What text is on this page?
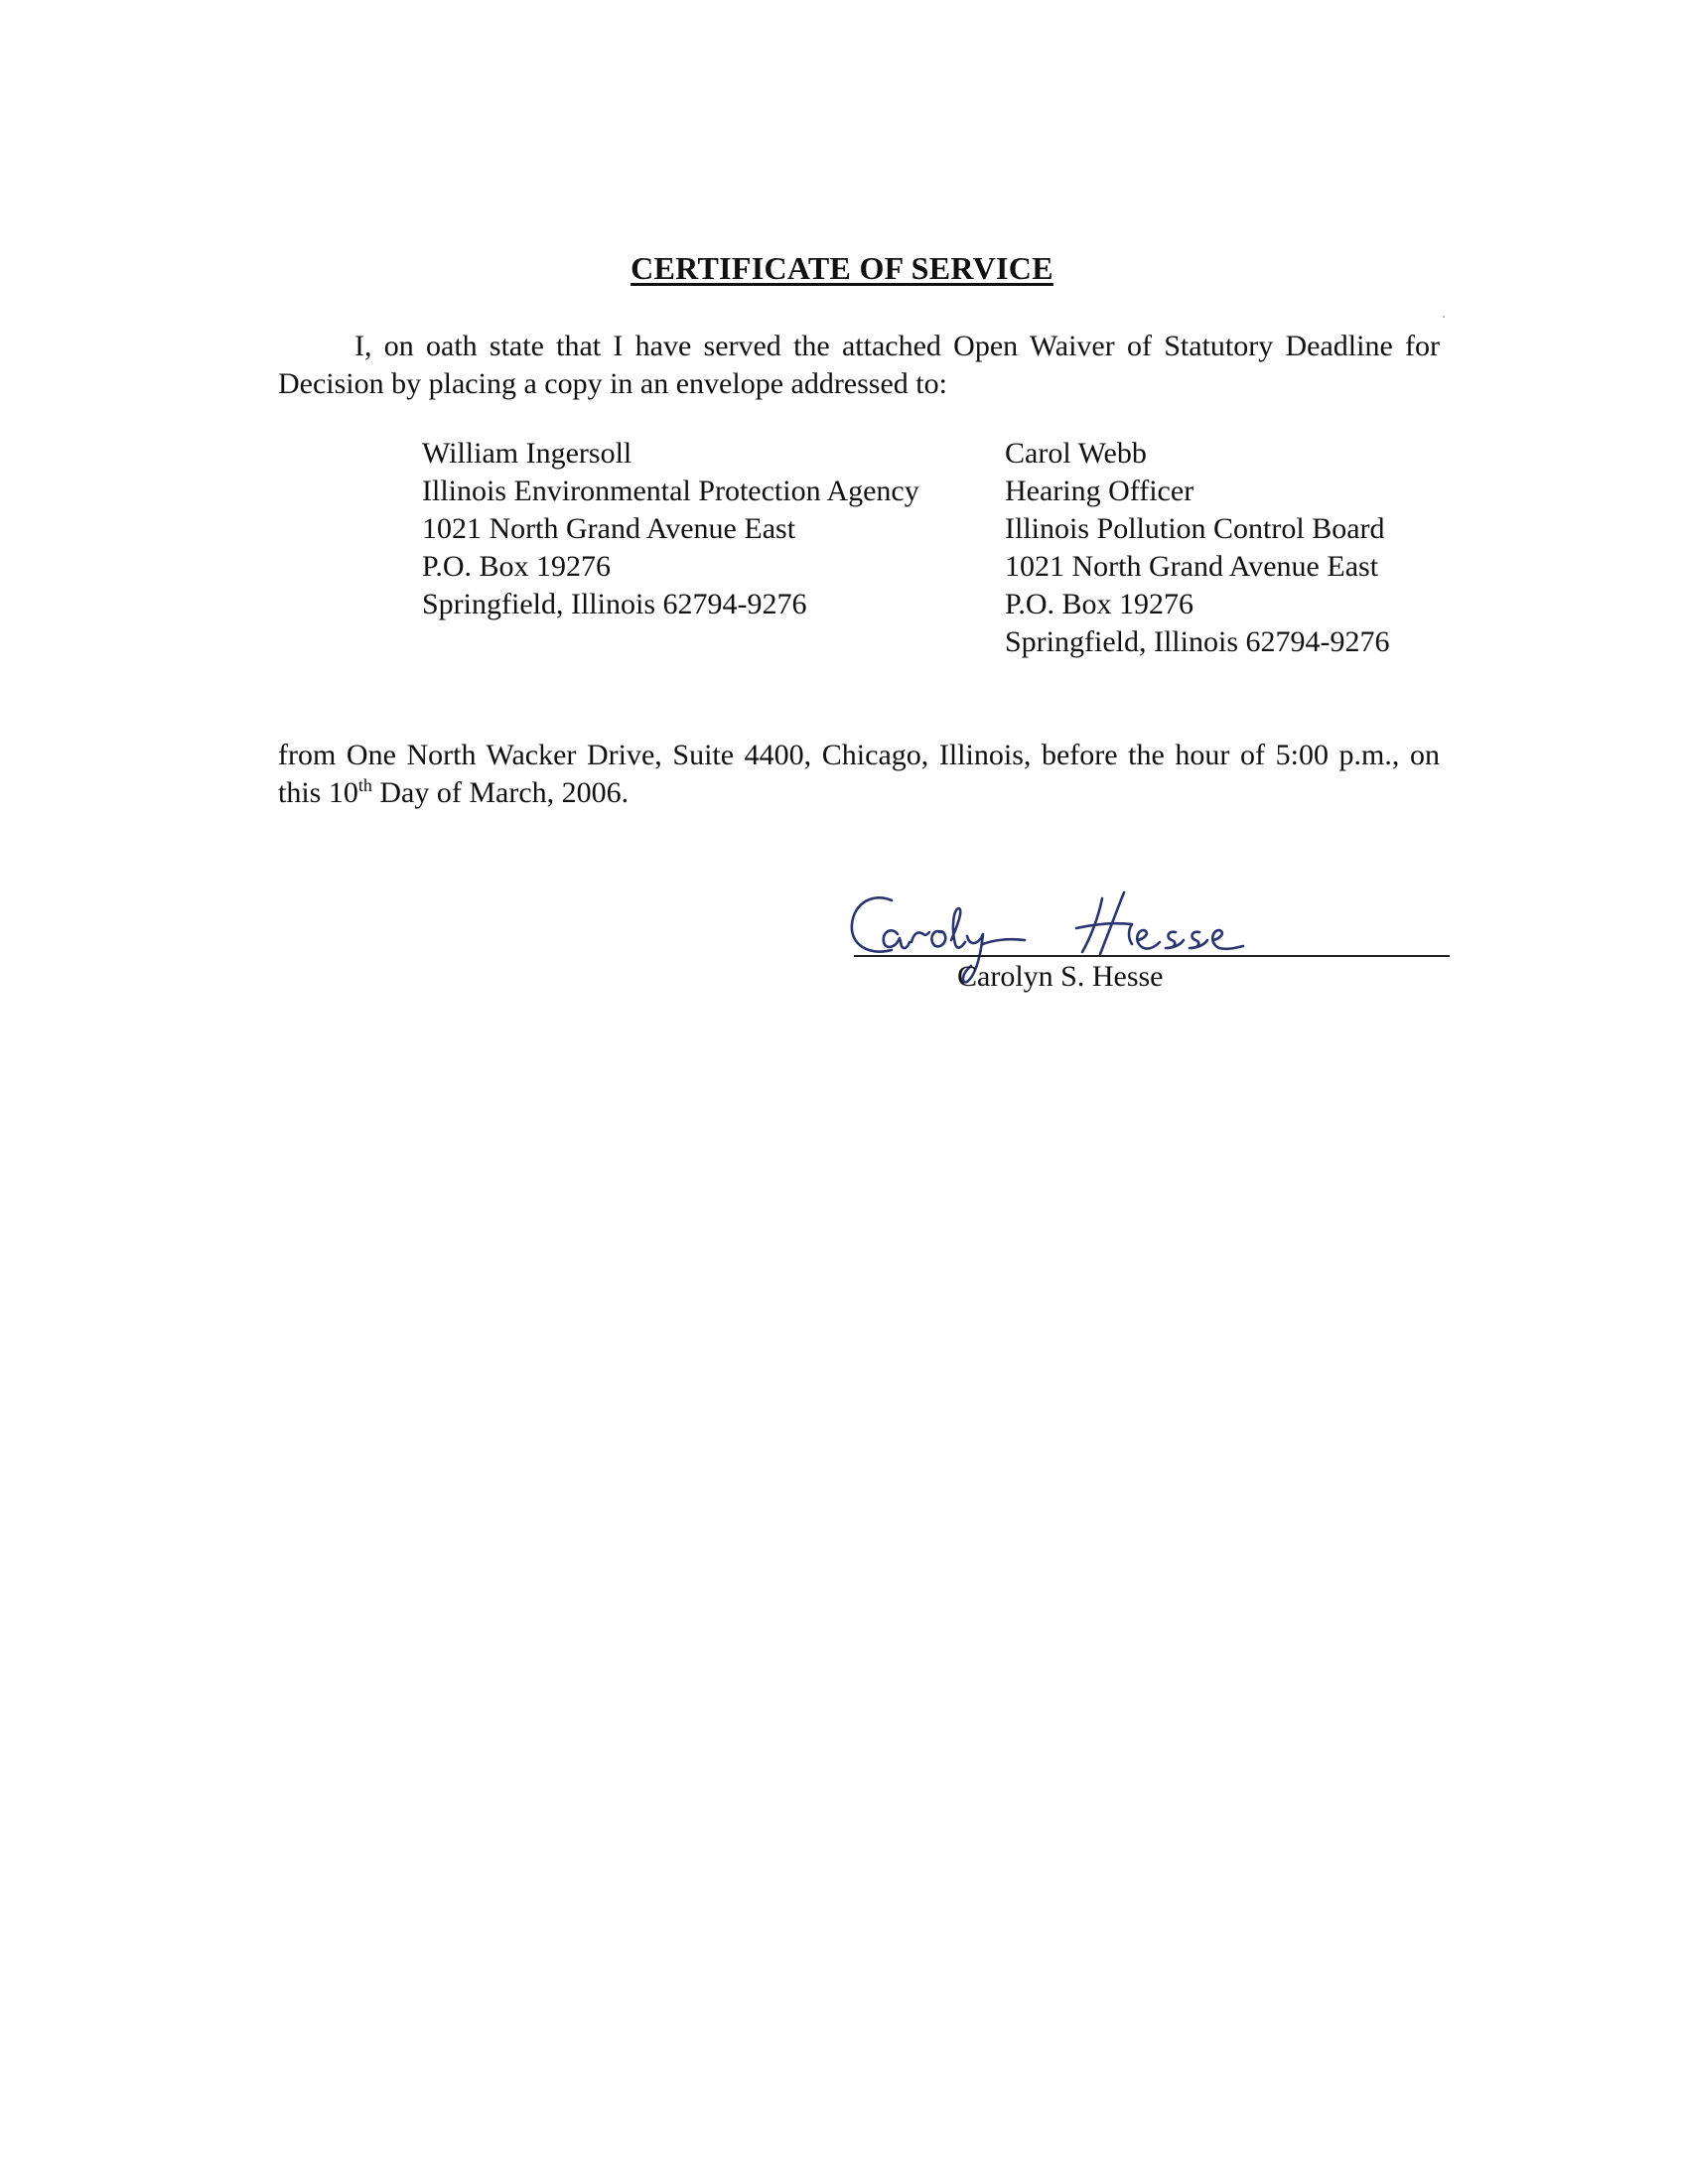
CERTIFICATE OF SERVICE
I, on oath state that I have served the attached Open Waiver of Statutory Deadline for Decision by placing a copy in an envelope addressed to:
William Ingersoll
Illinois Environmental Protection Agency
1021 North Grand Avenue East
P.O. Box 19276
Springfield, Illinois 62794-9276
Carol Webb
Hearing Officer
Illinois Pollution Control Board
1021 North Grand Avenue East
P.O. Box 19276
Springfield, Illinois 62794-9276
from One North Wacker Drive, Suite 4400, Chicago, Illinois, before the hour of 5:00 p.m., on this 10th Day of March, 2006.
Carolyn S. Hesse
